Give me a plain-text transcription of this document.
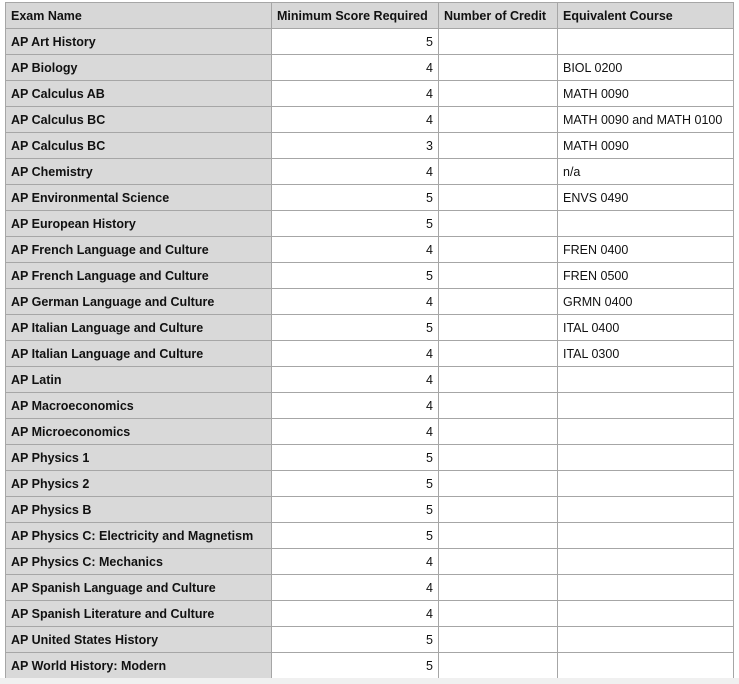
Exam Name	Minimum Score Required	Number of Credit	Equivalent Course
AP Art History	5		
AP Biology	4		BIOL 0200
AP Calculus AB	4		MATH 0090
AP Calculus BC	4		MATH 0090 and MATH 0100
AP Calculus BC	3		MATH 0090
AP Chemistry	4		n/a
AP Environmental Science	5		ENVS 0490
AP European History	5		
AP French Language and Culture	4		FREN 0400
AP French Language and Culture	5		FREN 0500
AP German Language and Culture	4		GRMN 0400
AP Italian Language and Culture	5		ITAL 0400
AP Italian Language and Culture	4		ITAL 0300
AP Latin	4		
AP Macroeconomics	4		
AP Microeconomics	4		
AP Physics 1	5		
AP Physics 2	5		
AP Physics B	5		
AP Physics C: Electricity and Magnetism	5		
AP Physics C: Mechanics	4		
AP Spanish Language and Culture	4		
AP Spanish Literature and Culture	4		
AP United States History	5		
AP World History: Modern	5		
